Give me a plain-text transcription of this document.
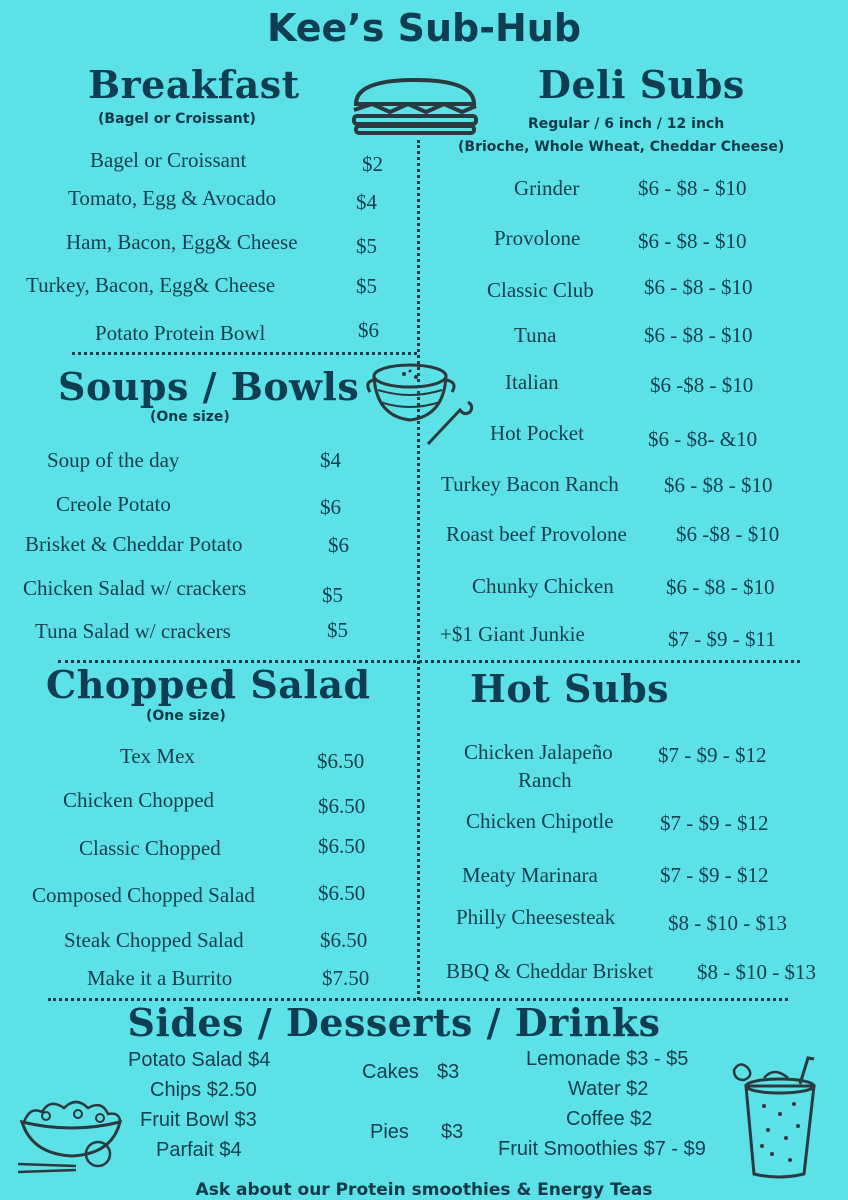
Kee’s Sub-Hub
Breakfast
(Bagel or Croissant)
Bagel or Croissant	$2
Tomato, Egg & Avocado	$4
Ham, Bacon, Egg& Cheese	$5
Turkey, Bacon, Egg& Cheese	$5
Potato Protein Bowl	$6
Deli Subs
Regular / 6 inch / 12 inch
(Brioche, Whole Wheat, Cheddar Cheese)
Grinder	$6 - $8 - $10
Provolone	$6 - $8 - $10
Classic Club $6 - $8 - $10
Tuna	$6 - $8 - $10
Italian	$6 -$8 - $10
Hot Pocket	$6 - $8- &10
Turkey Bacon Ranch $6 - $8 - $10
Roast beef Provolone $6 -$8 - $10
Chunky Chicken $6 - $8 - $10
+$1 Giant Junkie	$7 - $9 - $11
Soups / Bowls
(One size)
Soup of the day	$4
Creole Potato	$6
Brisket & Cheddar Potato	$6
Chicken Salad w/ crackers	$5
Tuna Salad w/ crackers	$5
Chopped Salad
(One size)
Tex Mex	$6.50
Chicken Chopped	$6.50
Classic Chopped	$6.50
Composed Chopped Salad	$6.50
Steak Chopped Salad	$6.50
Make it a Burrito	$7.50
Hot Subs
Chicken Jalapeño
Ranch
$7 - $9 - $12
Chicken Chipotle $7 - $9 - $12
Meaty Marinara	$7 - $9 - $12
Philly Cheesesteak	$8 - $10 - $13
BBQ & Cheddar Brisket $8 - $10 - $13
Sides / Desserts / Drinks
Potato Salad $4
Chips $2.50
Fruit Bowl $3
Parfait $4
Cakes $3
Pies $3
Lemonade $3 - $5
Water $2
Coffee $2
Fruit Smoothies $7 - $9
Ask about our Protein smoothies & Energy Teas
